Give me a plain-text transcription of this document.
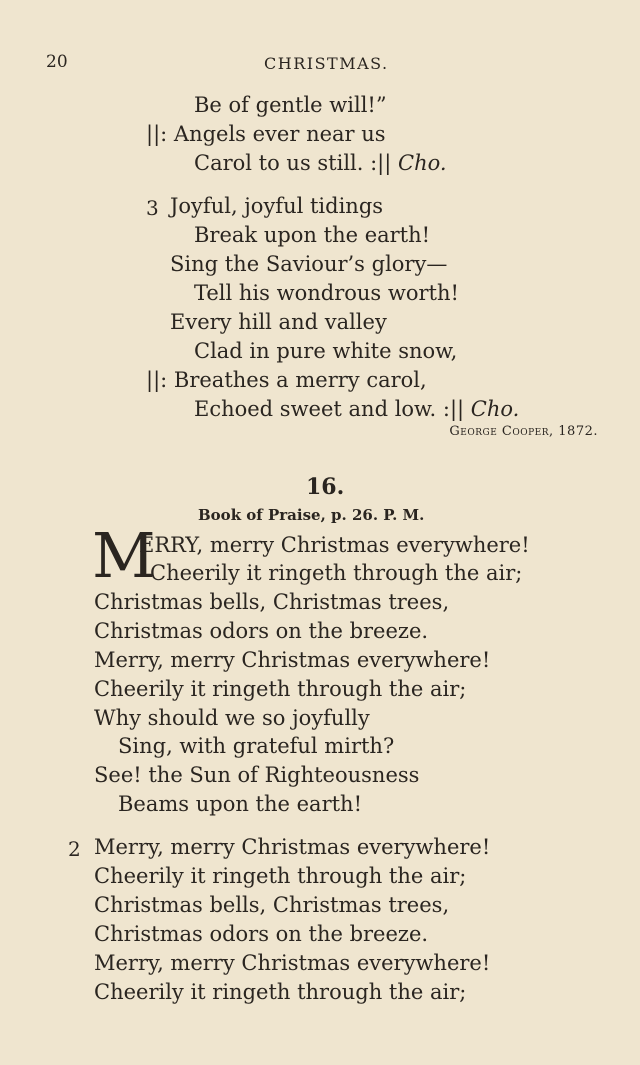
20	CHRISTMAS.
Be of gentle will!”
||: Angels ever near us
Carol to us still. :|| Cho.
3 Joyful, joyful tidings
Break upon the earth!
Sing the Saviour’s glory—
Tell his wondrous worth!
Every hill and valley
Clad in pure white snow,
||: Breathes a merry carol,
Echoed sweet and low. :|| Cho.
George Cooper, 1872.
16.
Book of Praise, p. 26. P. M.
M
ERRY, merry Christmas everywhere!
Cheerily it ringeth through the air;
Christmas bells, Christmas trees,
Christmas odors on the breeze.
Merry, merry Christmas everywhere!
Cheerily it ringeth through the air;
Why should we so joyfully
Sing, with grateful mirth?
See! the Sun of Righteousness
Beams upon the earth!
2 Merry, merry Christmas everywhere!
Cheerily it ringeth through the air;
Christmas bells, Christmas trees,
Christmas odors on the breeze.
Merry, merry Christmas everywhere!
Cheerily it ringeth through the air;
